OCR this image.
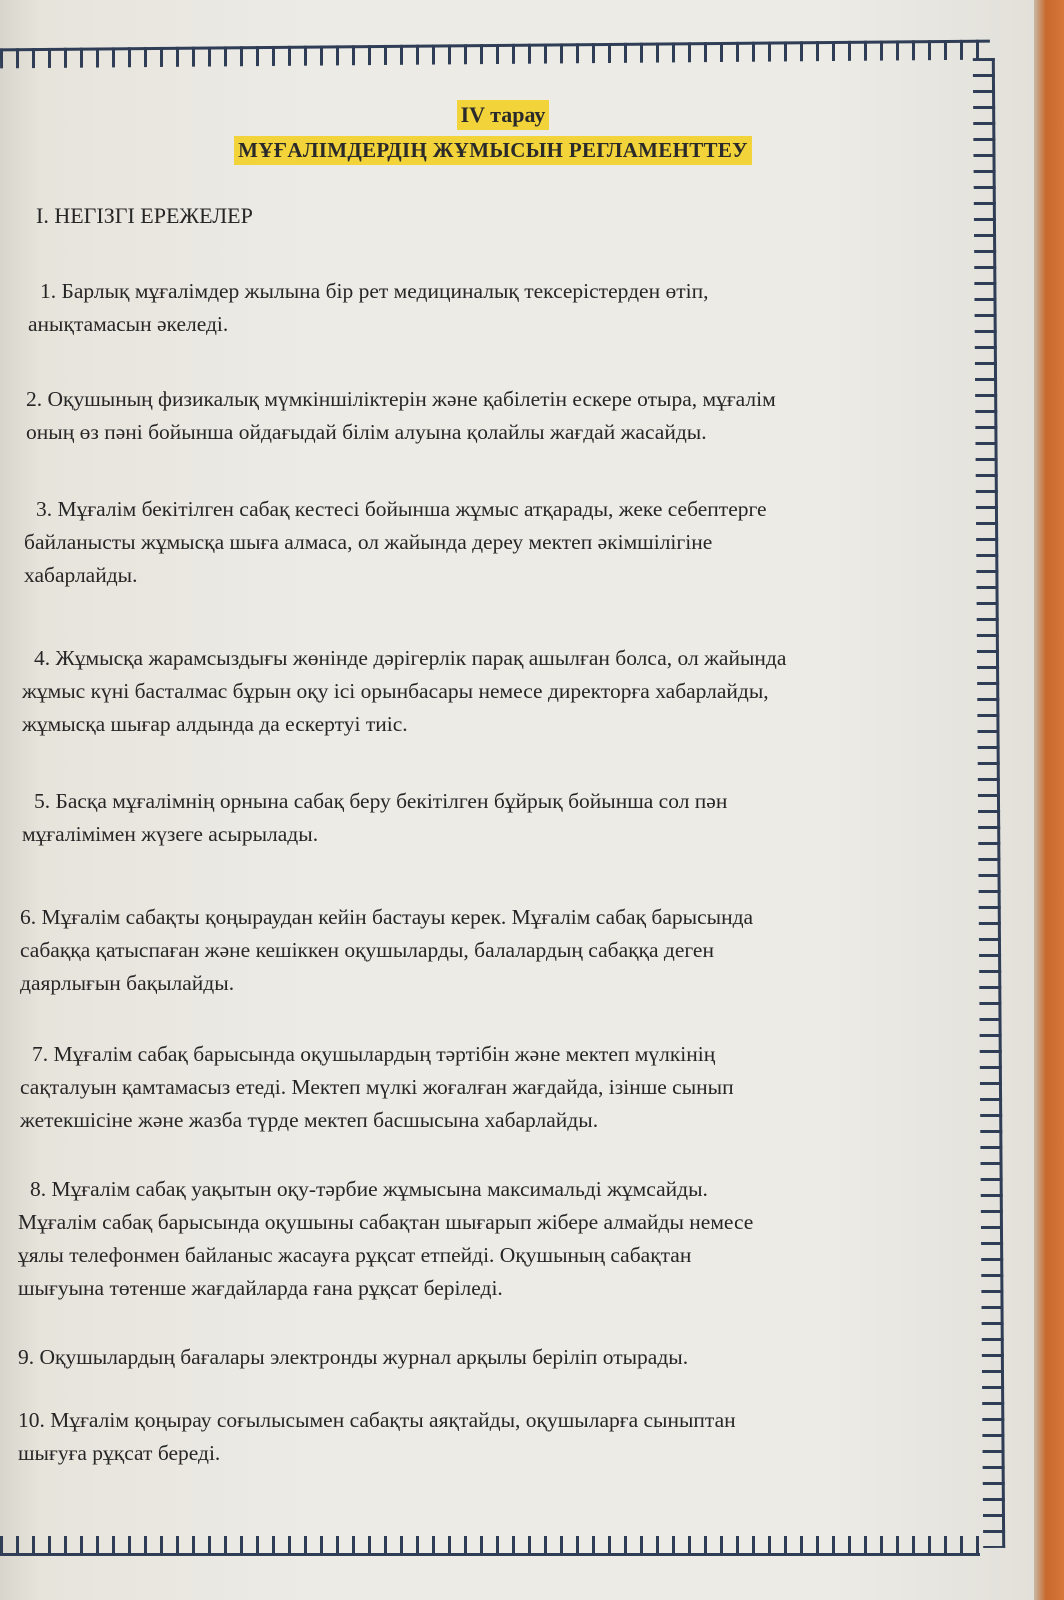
IV тарау
МҰҒАЛІМДЕРДІҢ ЖҰМЫСЫН РЕГЛАМЕНТТЕУ
I. НЕГІЗГІ ЕРЕЖЕЛЕР

1. Барлық мұғалімдер жылына бір рет медициналық тексерістерден өтіп,
анықтамасын әкеледі.

2. Оқушының физикалық мүмкіншіліктерін және қабілетін ескере отыра, мұғалім
оның өз пәні бойынша ойдағыдай білім алуына қолайлы жағдай жасайды.

3. Мұғалім бекітілген сабақ кестесі бойынша жұмыс атқарады, жеке себептерге
байланысты жұмысқа шыға алмаса, ол жайында дереу мектеп әкімшілігіне
хабарлайды.

4. Жұмысқа жарамсыздығы жөнінде дәрігерлік парақ ашылған болса, ол жайында
жұмыс күні басталмас бұрын оқу ісі орынбасары немесе директорға хабарлайды,
жұмысқа шығар алдында да ескертуі тиіс.

5. Басқа мұғалімнің орнына сабақ беру бекітілген бұйрық бойынша сол пән
мұғалімімен жүзеге асырылады.

6. Мұғалім сабақты қоңыраудан кейін бастауы керек. Мұғалім сабақ барысында
сабаққа қатыспаған және кешіккен оқушыларды, балалардың сабаққа деген
даярлығын бақылайды.

7. Мұғалім сабақ барысында оқушылардың тәртібін және мектеп мүлкінің
сақталуын қамтамасыз етеді. Мектеп мүлкі жоғалған жағдайда, ізінше сынып
жетекшісіне және жазба түрде мектеп басшысына хабарлайды.

8. Мұғалім сабақ уақытын оқу-тәрбие жұмысына максимальді жұмсайды.
Мұғалім сабақ барысында оқушыны сабақтан шығарып жібере алмайды немесе
ұялы телефонмен байланыс жасауға рұқсат етпейді. Оқушының сабақтан
шығуына төтенше жағдайларда ғана рұқсат беріледі.

9. Оқушылардың бағалары электронды журнал арқылы беріліп отырады.

10. Мұғалім қоңырау соғылысымен сабақты аяқтайды, оқушыларға сыныптан
шығуға рұқсат береді.
